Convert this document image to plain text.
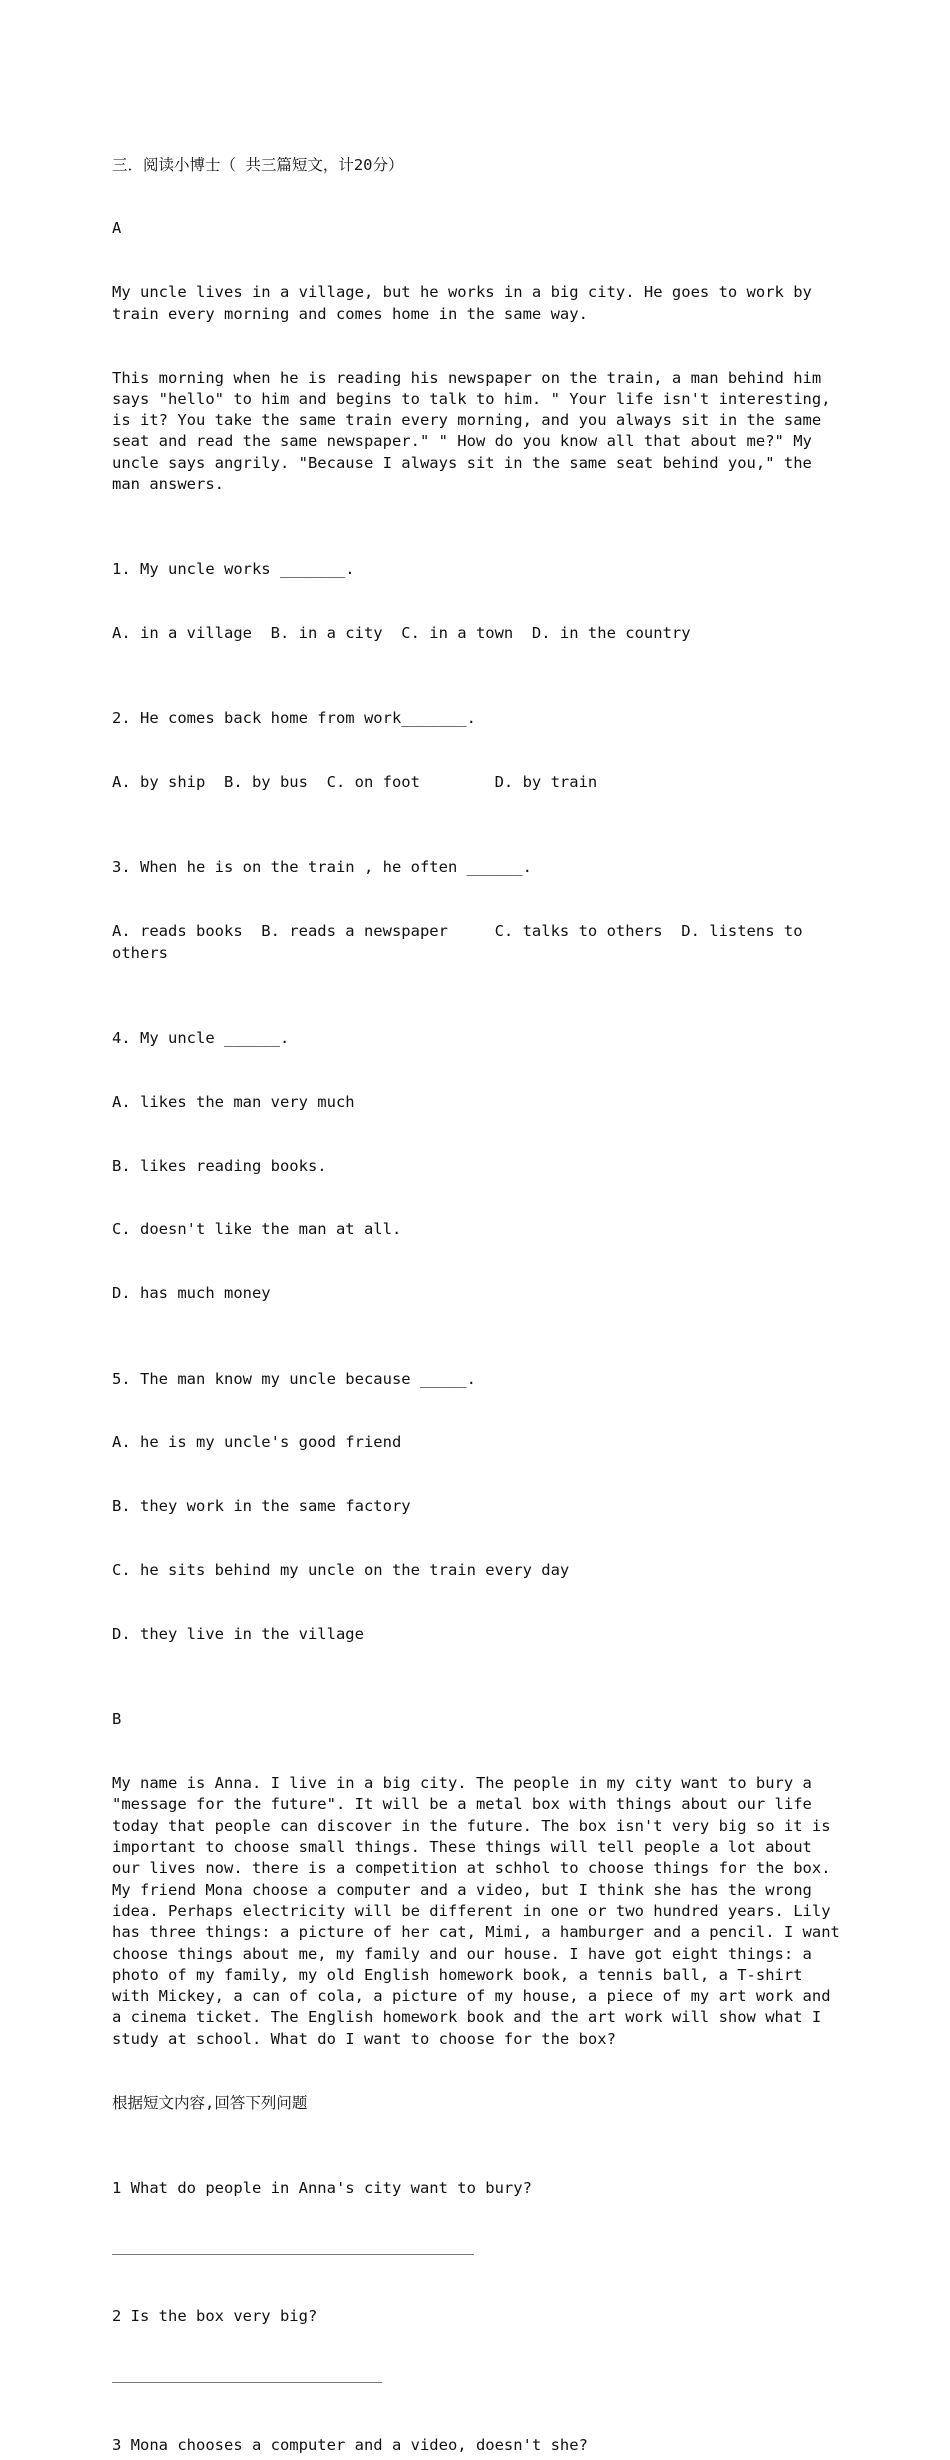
三．阅读小博士（ 共三篇短文，计20分）

A

My uncle lives in a village, but he works in a big city. He goes to work by train every morning and comes home in the same way.

This morning when he is reading his newspaper on the train, a man behind him says "hello" to him and begins to talk to him. " Your life isn't interesting, is it? You take the same train every morning, and you always sit in the same seat and read the same newspaper." " How do you know all that about me?" My uncle says angrily. "Because I always sit in the same seat behind you," the man answers.

1. My uncle works _______.

A. in a village  B. in a city  C. in a town  D. in the country

2. He comes back home from work_______.

A. by ship  B. by bus  C. on foot        D. by train

3. When he is on the train , he often ______.

A. reads books  B. reads a newspaper     C. talks to others  D. listens to others

4. My uncle ______.

A. likes the man very much

B. likes reading books.

C. doesn't like the man at all.

D. has much money

5. The man know my uncle because _____.

A. he is my uncle's good friend

B. they work in the same factory

C. he sits behind my uncle on the train every day

D. they live in the village

B

My name is Anna. I live in a big city. The people in my city want to bury a "message for the future". It will be a metal box with things about our life today that people can discover in the future. The box isn't very big so it is important to choose small things. These things will tell people a lot about our lives now. there is a competition at schhol to choose things for the box. My friend Mona choose a computer and a video, but I think she has the wrong idea. Perhaps electricity will be different in one or two hundred years. Lily has three things: a picture of her cat, Mimi, a hamburger and a pencil. I want choose things about me, my family and our house. I have got eight things: a photo of my family, my old English homework book, a tennis ball, a T-shirt with Mickey, a can of cola, a picture of my house, a piece of my art work and a cinema ticket. The English homework book and the art work will show what I study at school. What do I want to choose for the box?

根据短文内容,回答下列问题

1 What do people in Anna's city want to bury?

2 Is the box very big?

3 Mona chooses a computer and a video, doesn't she?
